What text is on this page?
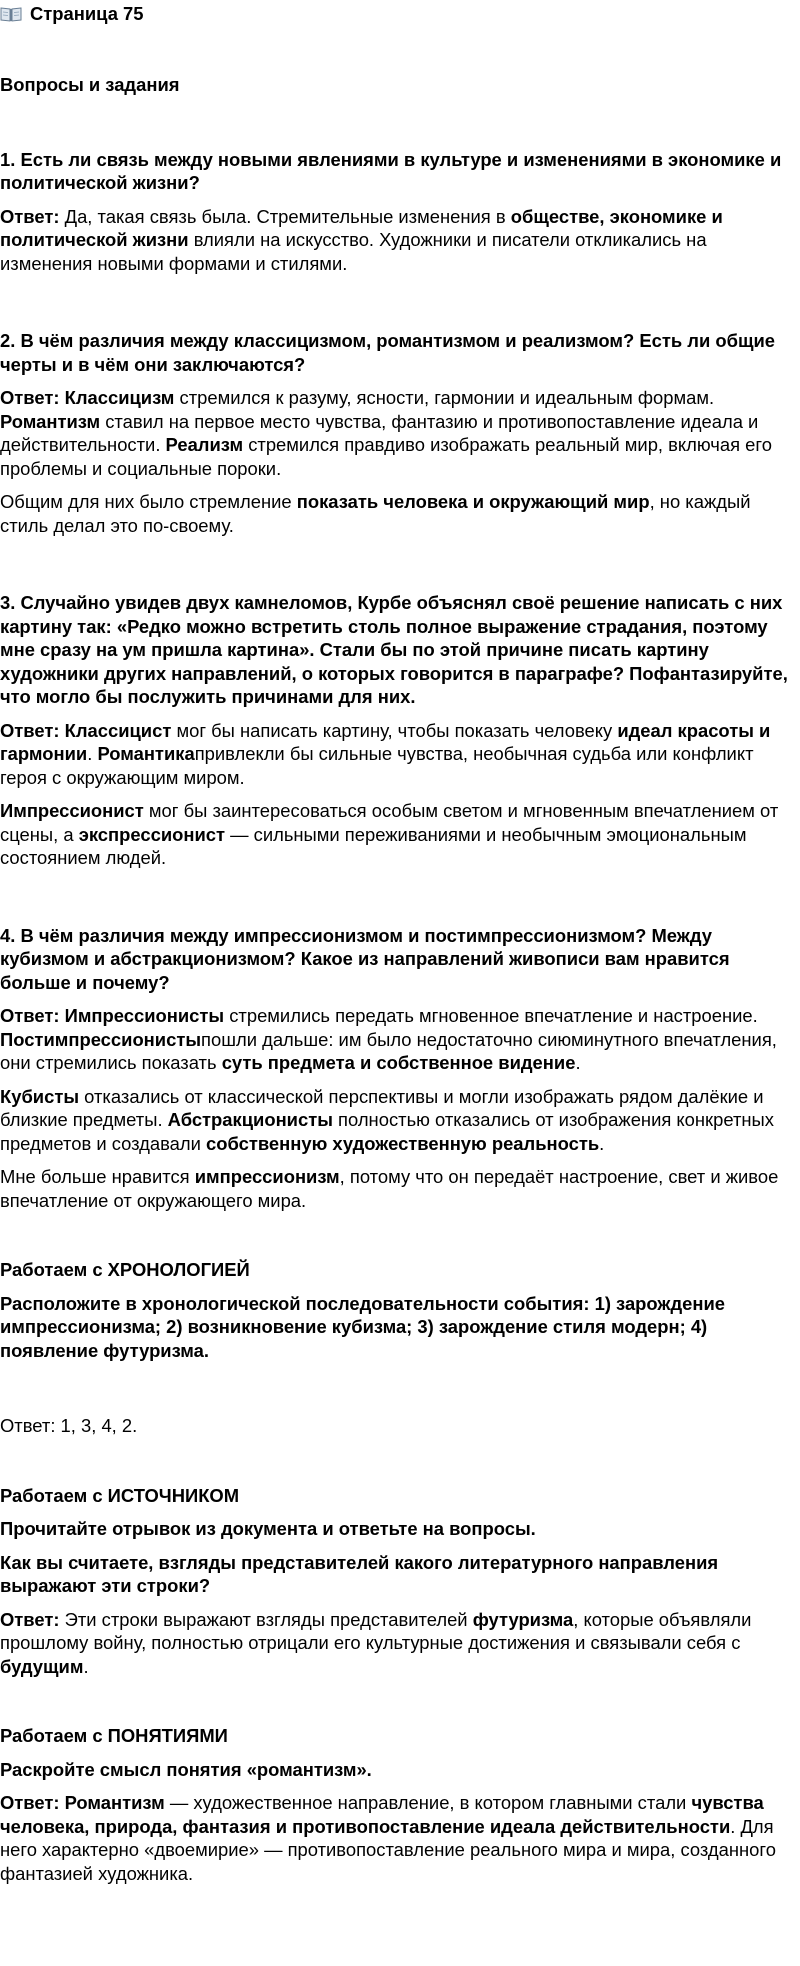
Страница 75

Вопросы и задания

1. Есть ли связь между новыми явлениями в культуре и изменениями в экономике и политической жизни?

Ответ: Да, такая связь была. Стремительные изменения в обществе, экономике и политической жизни влияли на искусство. Художники и писатели откликались на изменения новыми формами и стилями.

2. В чём различия между классицизмом, романтизмом и реализмом? Есть ли общие черты и в чём они заключаются?

Ответ: Классицизм стремился к разуму, ясности, гармонии и идеальным формам. Романтизм ставил на первое место чувства, фантазию и противопоставление идеала и действительности. Реализм стремился правдиво изображать реальный мир, включая его проблемы и социальные пороки.

Общим для них было стремление показать человека и окружающий мир, но каждый стиль делал это по-своему.

3. Случайно увидев двух камнеломов, Курбе объяснял своё решение написать с них картину так: «Редко можно встретить столь полное выражение страдания, поэтому мне сразу на ум пришла картина». Стали бы по этой причине писать картину художники других направлений, о которых говорится в параграфе? Пофантазируйте, что могло бы послужить причинами для них.

Ответ: Классицист мог бы написать картину, чтобы показать человеку идеал красоты и гармонии. Романтикапривлекли бы сильные чувства, необычная судьба или конфликт героя с окружающим миром.

Импрессионист мог бы заинтересоваться особым светом и мгновенным впечатлением от сцены, а экспрессионист — сильными переживаниями и необычным эмоциональным состоянием людей.

4. В чём различия между импрессионизмом и постимпрессионизмом? Между кубизмом и абстракционизмом? Какое из направлений живописи вам нравится больше и почему?

Ответ: Импрессионисты стремились передать мгновенное впечатление и настроение. Постимпрессионистыпошли дальше: им было недостаточно сиюминутного впечатления, они стремились показать суть предмета и собственное видение.

Кубисты отказались от классической перспективы и могли изображать рядом далёкие и близкие предметы. Абстракционисты полностью отказались от изображения конкретных предметов и создавали собственную художественную реальность.

Мне больше нравится импрессионизм, потому что он передаёт настроение, свет и живое впечатление от окружающего мира.

Работаем с ХРОНОЛОГИЕЙ

Расположите в хронологической последовательности события: 1) зарождение импрессионизма; 2) возникновение кубизма; 3) зарождение стиля модерн; 4) появление футуризма.

Ответ: 1, 3, 4, 2.

Работаем с ИСТОЧНИКОМ

Прочитайте отрывок из документа и ответьте на вопросы.

Как вы считаете, взгляды представителей какого литературного направления выражают эти строки?

Ответ: Эти строки выражают взгляды представителей футуризма, которые объявляли прошлому войну, полностью отрицали его культурные достижения и связывали себя с будущим.

Работаем с ПОНЯТИЯМИ

Раскройте смысл понятия «романтизм».

Ответ: Романтизм — художественное направление, в котором главными стали чувства человека, природа, фантазия и противопоставление идеала действительности. Для него характерно «двоемирие» — противопоставление реального мира и мира, созданного фантазией художника.
